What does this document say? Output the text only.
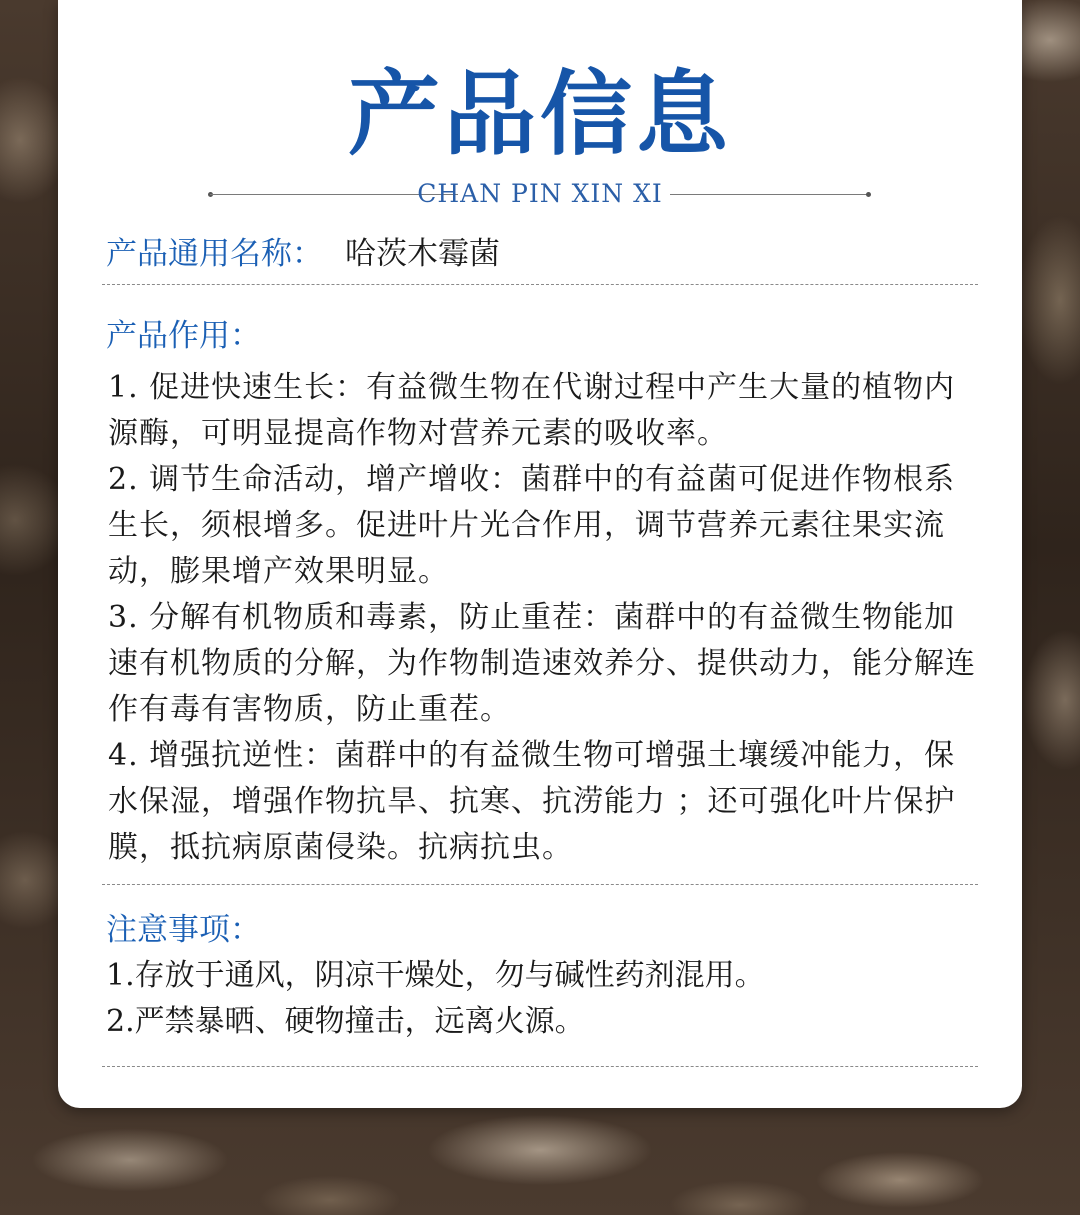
产品信息
CHAN PIN XIN XI
产品通用名称： 哈茨木霉菌
产品作用：

1. 促进快速生长：有益微生物在代谢过程中产生大量的植物内源酶，可明显提高作物对营养元素的吸收率。

2. 调节生命活动，增产增收：菌群中的有益菌可促进作物根系生长，须根增多。促进叶片光合作用，调节营养元素往果实流动，膨果增产效果明显。

3. 分解有机物质和毒素，防止重茬：菌群中的有益微生物能加速有机物质的分解，为作物制造速效养分、提供动力，能分解连作有毒有害物质，防止重茬。

4. 增强抗逆性：菌群中的有益微生物可增强土壤缓冲能力，保水保湿，增强作物抗旱、抗寒、抗涝能力 ；还可强化叶片保护膜，抵抗病原菌侵染。抗病抗虫。

注意事项：

1.存放于通风，阴凉干燥处，勿与碱性药剂混用。

2.严禁暴晒、硬物撞击，远离火源。
